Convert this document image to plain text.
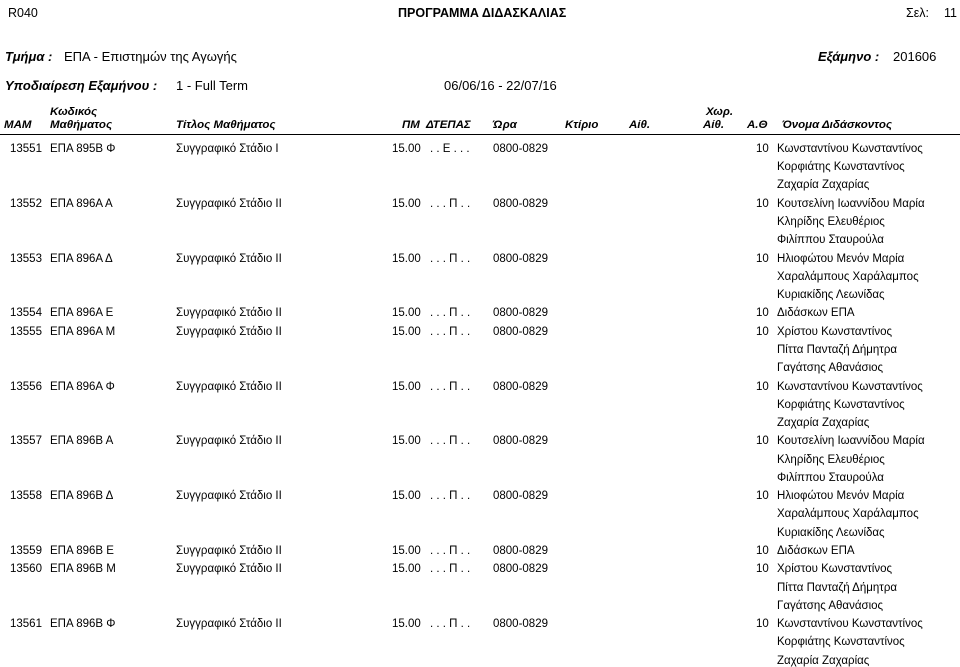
R040	ΠΡΟΓΡΑΜΜΑ ΔΙΔΑΣΚΑΛΙΑΣ	Σελ: 11
Τμήμα : ΕΠΑ - Επιστημών της Αγωγής	Εξάμηνο : 201606
Υποδιαίρεση Εξαμήνου : 1 - Full Term	06/06/16 - 22/07/16
ΜΑΜ
Κωδικός
Μαθήματος	Τίτλος Μαθήματος	ΠΜ ΔΤΕΠΑΣ Ώρα	Κτίριο	Αίθ.
Χωρ.
Αίθ. Α.Θ Όνομα Διδάσκοντος
13551 ΕΠΑ 895Β Φ	Συγγραφικό Στάδιο Ι	15.00 . . Ε . . . 0800-0829	10 Κωνσταντίνου Κωνσταντίνος
Κορφιάτης Κωνσταντίνος
Ζαχαρία Ζαχαρίας
13552 ΕΠΑ 896Α Α	Συγγραφικό Στάδιο ΙΙ	15.00 . . . Π . . 0800-0829	10 Κουτσελίνη Ιωαννίδου Μαρία
Κληρίδης Ελευθέριος
Φιλίππου Σταυρούλα
13553 ΕΠΑ 896Α Δ	Συγγραφικό Στάδιο ΙΙ	15.00 . . . Π . . 0800-0829	10 Ηλιοφώτου Μενόν Μαρία
Χαραλάμπους Χαράλαμπος
Κυριακίδης Λεωνίδας
13554 ΕΠΑ 896Α Ε	Συγγραφικό Στάδιο ΙΙ	15.00 . . . Π . . 0800-0829	10 Διδάσκων ΕΠΑ
13555 ΕΠΑ 896Α Μ	Συγγραφικό Στάδιο ΙΙ	15.00 . . . Π . . 0800-0829	10 Χρίστου Κωνσταντίνος
Πίττα Πανταζή Δήμητρα
Γαγάτσης Αθανάσιος
13556 ΕΠΑ 896Α Φ	Συγγραφικό Στάδιο ΙΙ	15.00 . . . Π . . 0800-0829	10 Κωνσταντίνου Κωνσταντίνος
Κορφιάτης Κωνσταντίνος
Ζαχαρία Ζαχαρίας
13557 ΕΠΑ 896Β Α	Συγγραφικό Στάδιο ΙΙ	15.00 . . . Π . . 0800-0829	10 Κουτσελίνη Ιωαννίδου Μαρία
Κληρίδης Ελευθέριος
Φιλίππου Σταυρούλα
13558 ΕΠΑ 896Β Δ	Συγγραφικό Στάδιο ΙΙ	15.00 . . . Π . . 0800-0829	10 Ηλιοφώτου Μενόν Μαρία
Χαραλάμπους Χαράλαμπος
Κυριακίδης Λεωνίδας
13559 ΕΠΑ 896Β Ε	Συγγραφικό Στάδιο ΙΙ	15.00 . . . Π . . 0800-0829	10 Διδάσκων ΕΠΑ
13560 ΕΠΑ 896Β Μ	Συγγραφικό Στάδιο ΙΙ	15.00 . . . Π . . 0800-0829	10 Χρίστου Κωνσταντίνος
Πίττα Πανταζή Δήμητρα
Γαγάτσης Αθανάσιος
13561 ΕΠΑ 896Β Φ	Συγγραφικό Στάδιο ΙΙ	15.00 . . . Π . . 0800-0829	10 Κωνσταντίνου Κωνσταντίνος
Κορφιάτης Κωνσταντίνος
Ζαχαρία Ζαχαρίας
